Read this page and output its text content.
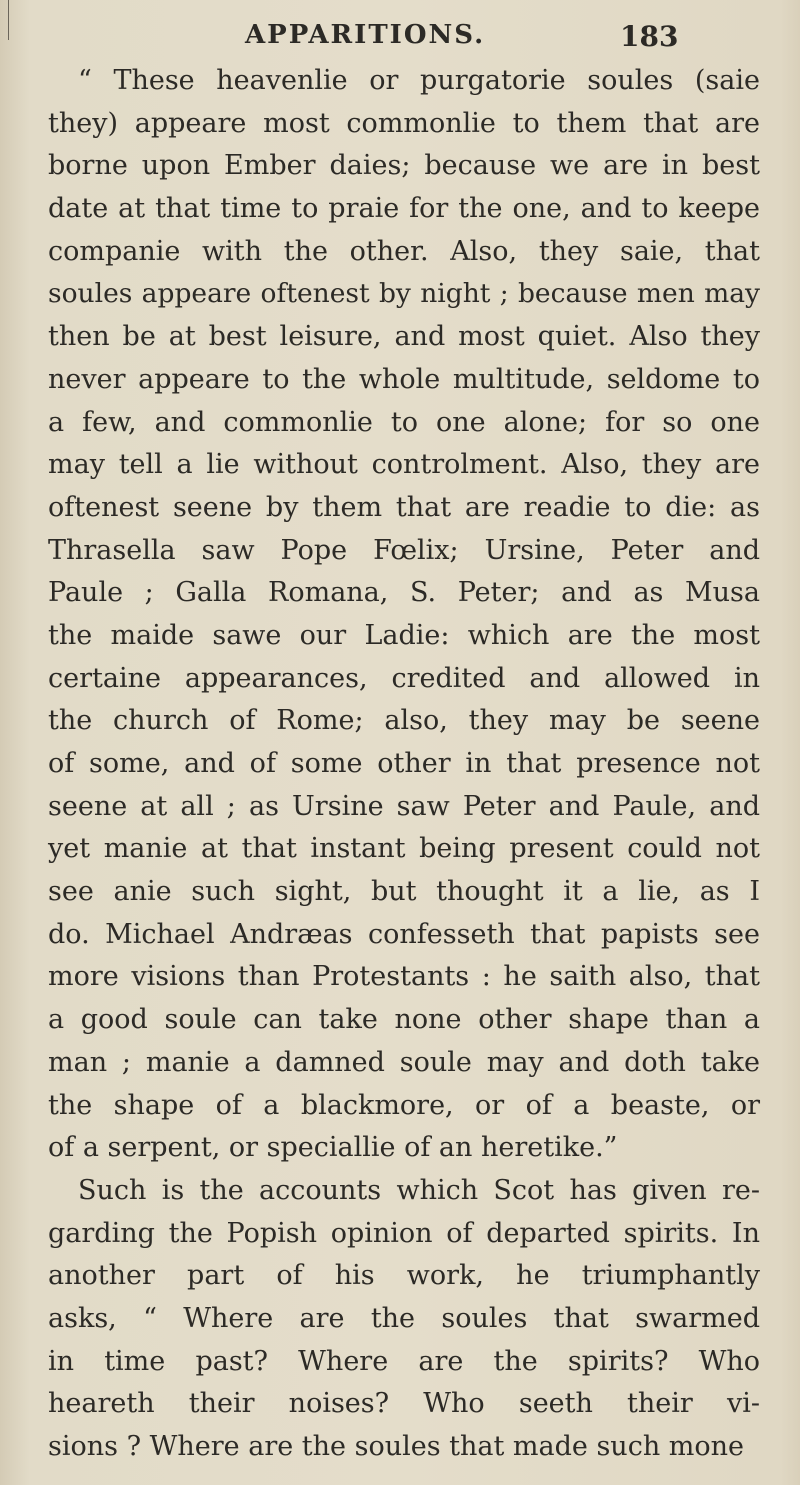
APPARITIONS.	183
“ These heavenlie or purgatorie soules (saie
they) appeare most commonlie to them that are
borne upon Ember daies; because we are in best
date at that time to praie for the one, and to keepe
companie with the other. Also, they saie, that
soules appeare oftenest by night ; because men may
then be at best leisure, and most quiet. Also they
never appeare to the whole multitude, seldome to
a few, and commonlie to one alone; for so one
may tell a lie without controlment. Also, they are
oftenest seene by them that are readie to die: as
Thrasella saw Pope Fœlix; Ursine, Peter and
Paule ; Galla Romana, S. Peter; and as Musa
the maide sawe our Ladie: which are the most
certaine appearances, credited and allowed in
the church of Rome; also, they may be seene
of some, and of some other in that presence not
seene at all ; as Ursine saw Peter and Paule, and
yet manie at that instant being present could not
see anie such sight, but thought it a lie, as I
do. Michael Andræas confesseth that papists see
more visions than Protestants : he saith also, that
a good soule can take none other shape than a
man ; manie a damned soule may and doth take
the shape of a blackmore, or of a beaste, or
of a serpent, or speciallie of an heretike.”
Such is the accounts which Scot has given re-
garding the Popish opinion of departed spirits. In
another part of his work, he triumphantly
asks, “ Where are the soules that swarmed
in time past? Where are the spirits? Who
heareth their noises? Who seeth their vi-
sions ? Where are the soules that made such mone
